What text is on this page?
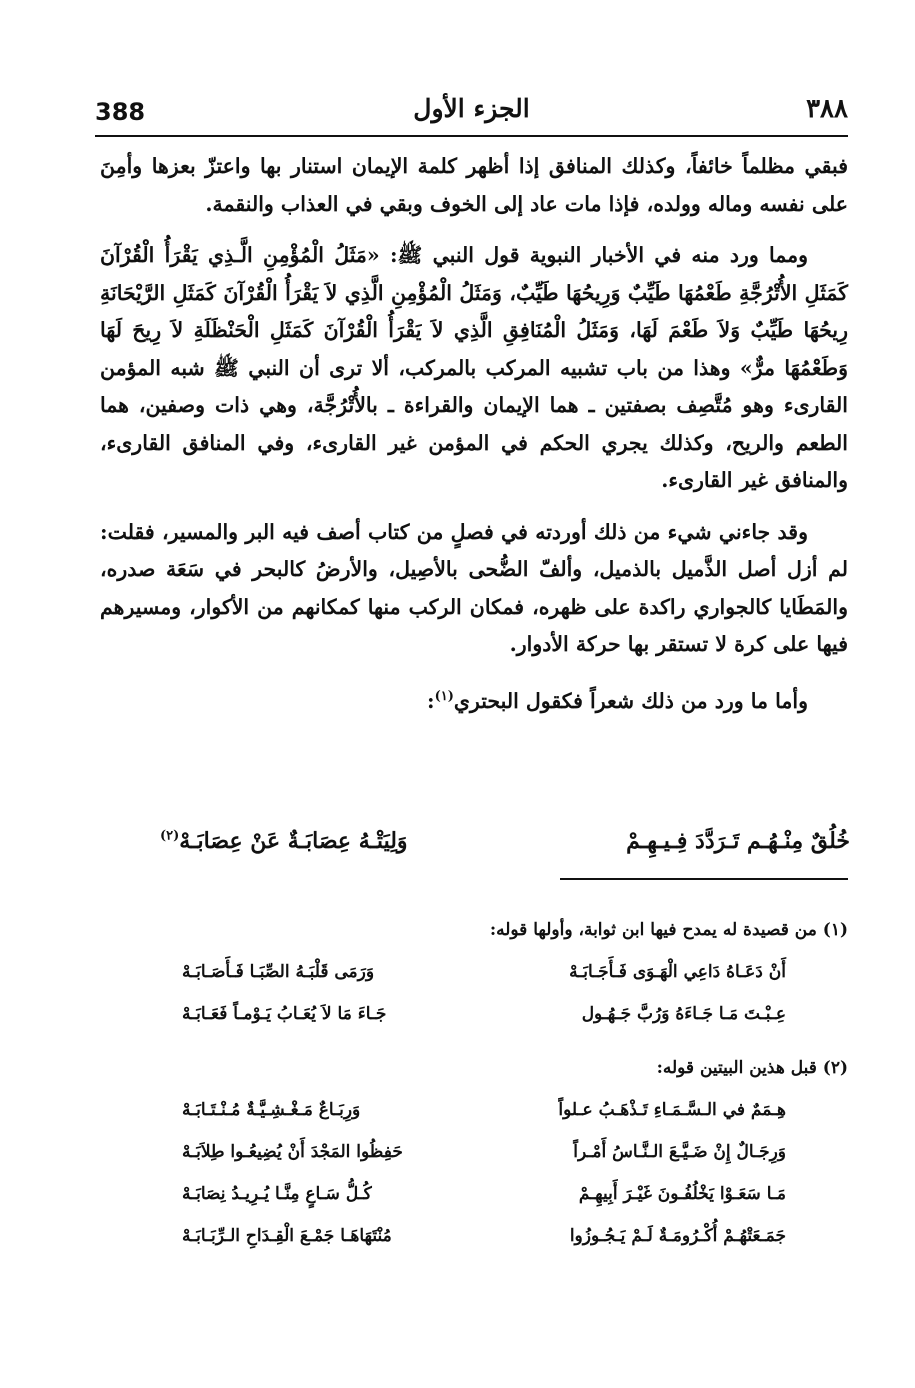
388	الجزء الأول	٣٨٨

فبقي مظلماً خائفاً، وكذلك المنافق إذا أظهر كلمة الإيمان استنار بها واعتزّ بعزها وأمِنَ على نفسه وماله وولده، فإذا مات عاد إلى الخوف وبقي في العذاب والنقمة.

ومما ورد منه في الأخبار النبوية قول النبي ﷺ: «مَثَلُ الْمُؤْمِنِ الَّـذِي يَقْرَأُ الْقُرْآنَ كَمَثَلِ الأُتْرُجَّةِ طَعْمُهَا طَيِّبٌ وَرِيحُهَا طَيِّبٌ، وَمَثَلُ الْمُؤْمِنِ الَّذِي لاَ يَقْرَأُ الْقُرْآنَ كَمَثَلِ الرَّيْحَانَةِ رِيحُهَا طَيِّبٌ وَلاَ طَعْمَ لَهَا، وَمَثَلُ الْمُنَافِقِ الَّذِي لاَ يَقْرَأُ الْقُرْآنَ كَمَثَلِ الْحَنْظَلَةِ لاَ رِيحَ لَهَا وَطَعْمُهَا مرٌّ» وهذا من باب تشبيه المركب بالمركب، ألا ترى أن النبي ﷺ شبه المؤمن القارىء وهو مُتَّصِف بصفتين ـ هما الإيمان والقراءة ـ بالأُتْرُجَّة، وهي ذات وصفين، هما الطعم والريح، وكذلك يجري الحكم في المؤمن غير القارىء، وفي المنافق القارىء، والمنافق غير القارىء.

وقد جاءني شيء من ذلك أوردته في فصلٍ من كتاب أصف فيه البر والمسير، فقلت: لم أزل أصل الذَّميل بالذميل، وألفّ الضُّحى بالأصِيل، والأرضُ كالبحر في سَعَة صدره، والمَطَايا كالجواري راكدة على ظهره، فمكان الركب منها كمكانهم من الأكوار، ومسيرهم فيها على كرة لا تستقر بها حركة الأدوار.

وأما ما ورد من ذلك شعراً فكقول البحتري$^{(١)}$:

خُلُقٌ مِنْـهُـم تَـرَدَّدَ فِـيـهِـمْ
وَلِيَتْـهُ عِصَابَـةٌ عَنْ عِصَابَـهْ$^{(٢)}$

(١) من قصيدة له يمدح فيها ابن ثوابة، وأولها قوله:

أَنْ دَعَـاهُ دَاعِي الْهَـوَى فَـأَجَـابَـهْ
وَرَمَى قَلْبَـهُ الصِّبَـا فَـأَصَـابَـهْ
عِـبْـتَ مَـا جَـاءَهُ وَرُبَّ جَـهُـول
جَـاءَ مَا لاَ يُعَـابُ يَـوْمـاً فَعَـابَـهْ

(٢) قبل هذين البيتين قوله:

هِـمَمٌ في الـسَّـمَـاءِ تَـذْهَـبُ عـلواً
وَرِبَـاعٌ مَـغْـشِـيَّـةٌ مُـنْـتَـابَـهْ
وَرِجَـالٌ إِنْ ضَـيَّـعَ الـنَّـاسُ أَمْـراً
حَفِظُوا المَجْدَ أَنْ يُضِيعُـوا طِلاَبَـهْ
مَـا سَعَـوْا يَخْلُفُـونَ غَيْـرَ أَبِيهِـمْ
كُـلُّ سَـاعٍ مِنَّـا يُـرِيـدُ نِصَابَـهْ
جَمَـعَتْهُـمْ أُكْـرُومَـةٌ لَـمْ يَـجُـوزُوا
مُنْتَهَاهَـا جَمْـعَ الْقِـدَاحِ الـرِّبَـابَـهْ
